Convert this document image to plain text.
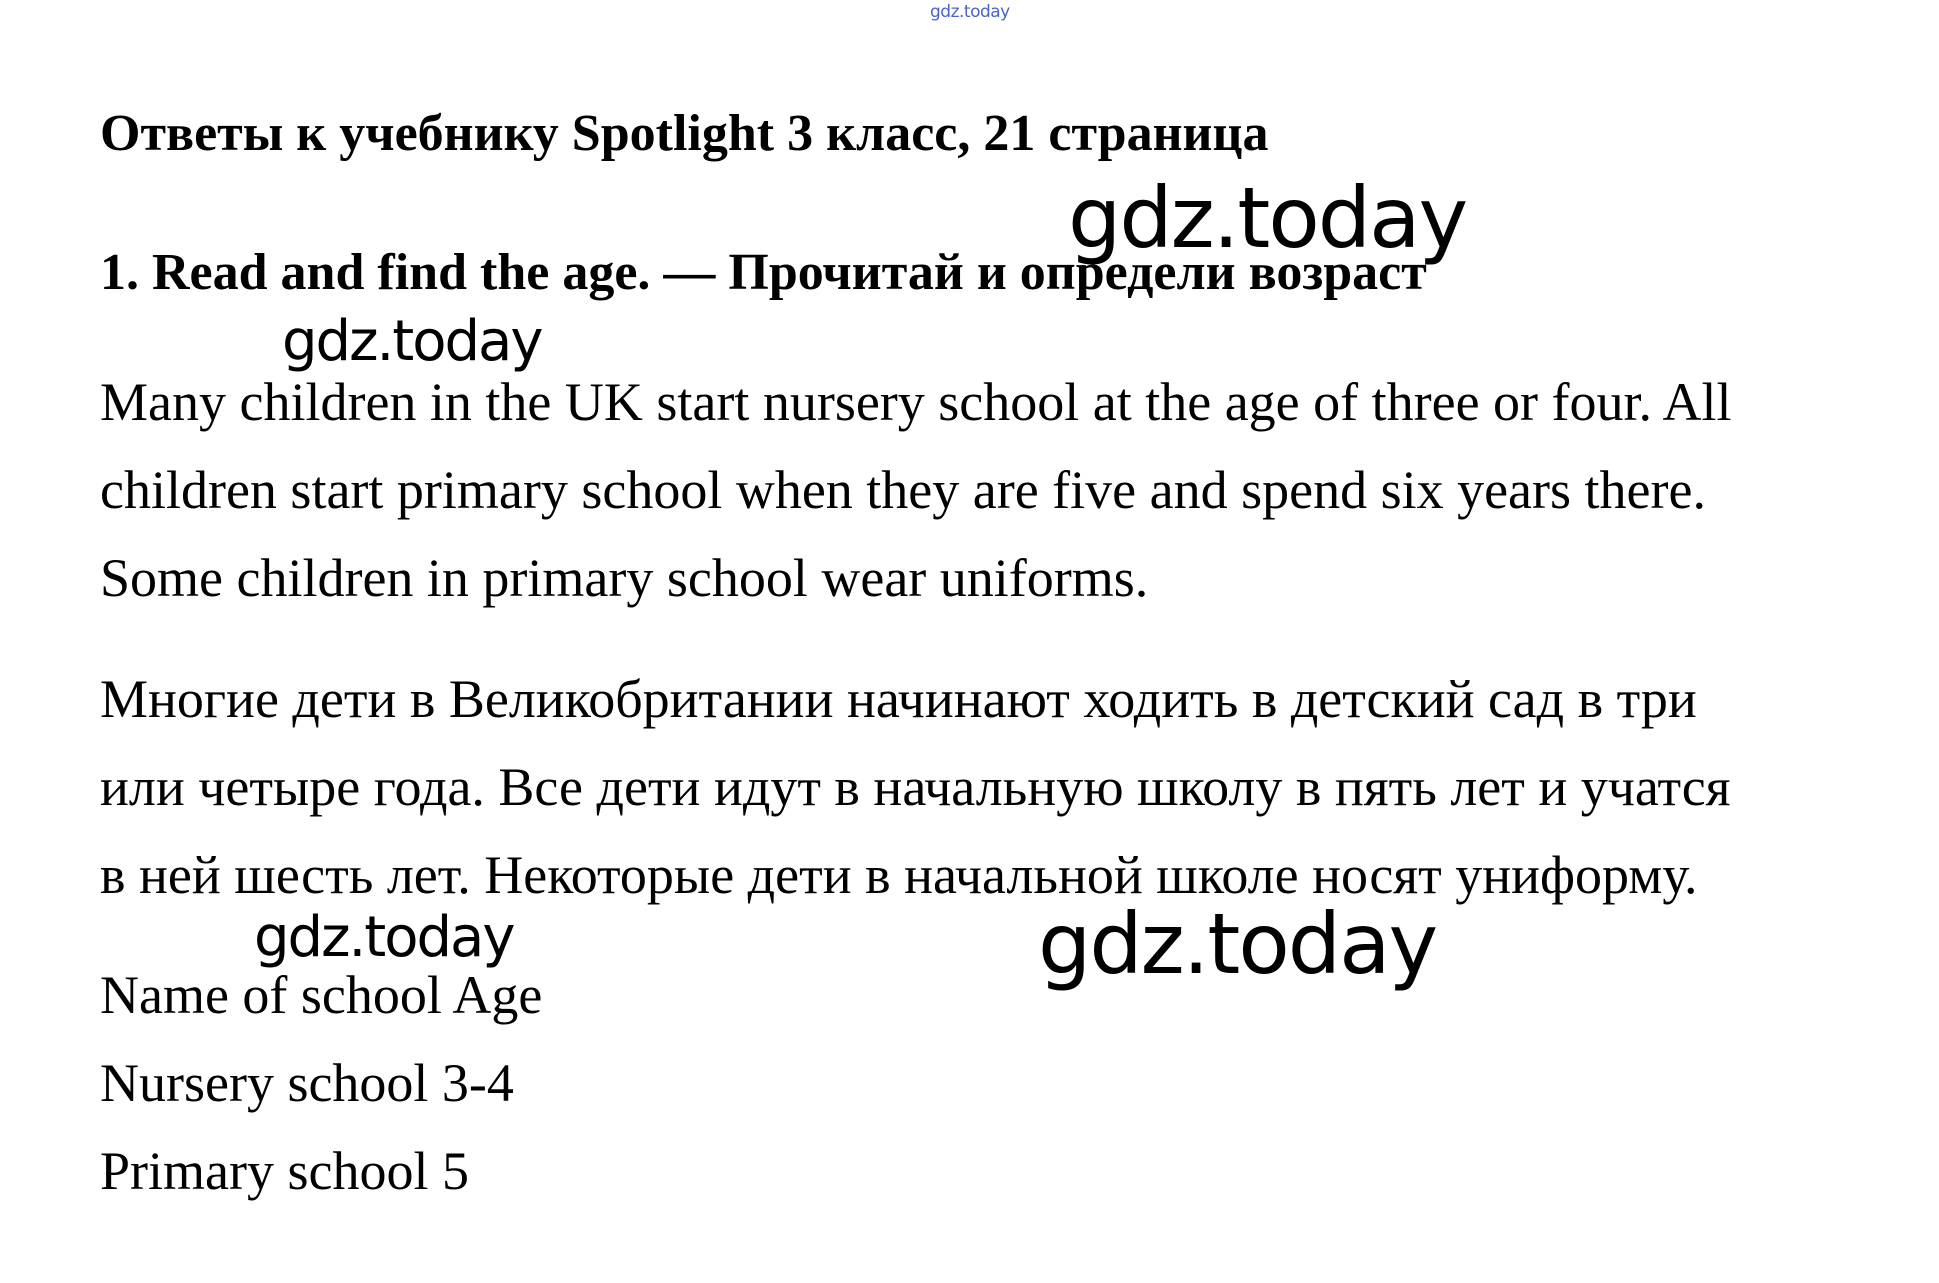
gdz.today
Ответы к учебнику Spotlight 3 класс, 21 страница
1. Read and find the age. — Прочитай и определи возраст

Many children in the UK start nursery school at the age of three or four. All
children start primary school when they are five and spend six years there.
Some children in primary school wear uniforms.

Многие дети в Великобритании начинают ходить в детский сад в три
или четыре года. Все дети идут в начальную школу в пять лет и учатся
в ней шесть лет. Некоторые дети в начальной школе носят униформу.

Name of school Age
Nursery school 3-4
Primary school 5
gdz.today
gdz.today
gdz.today	gdz.today
